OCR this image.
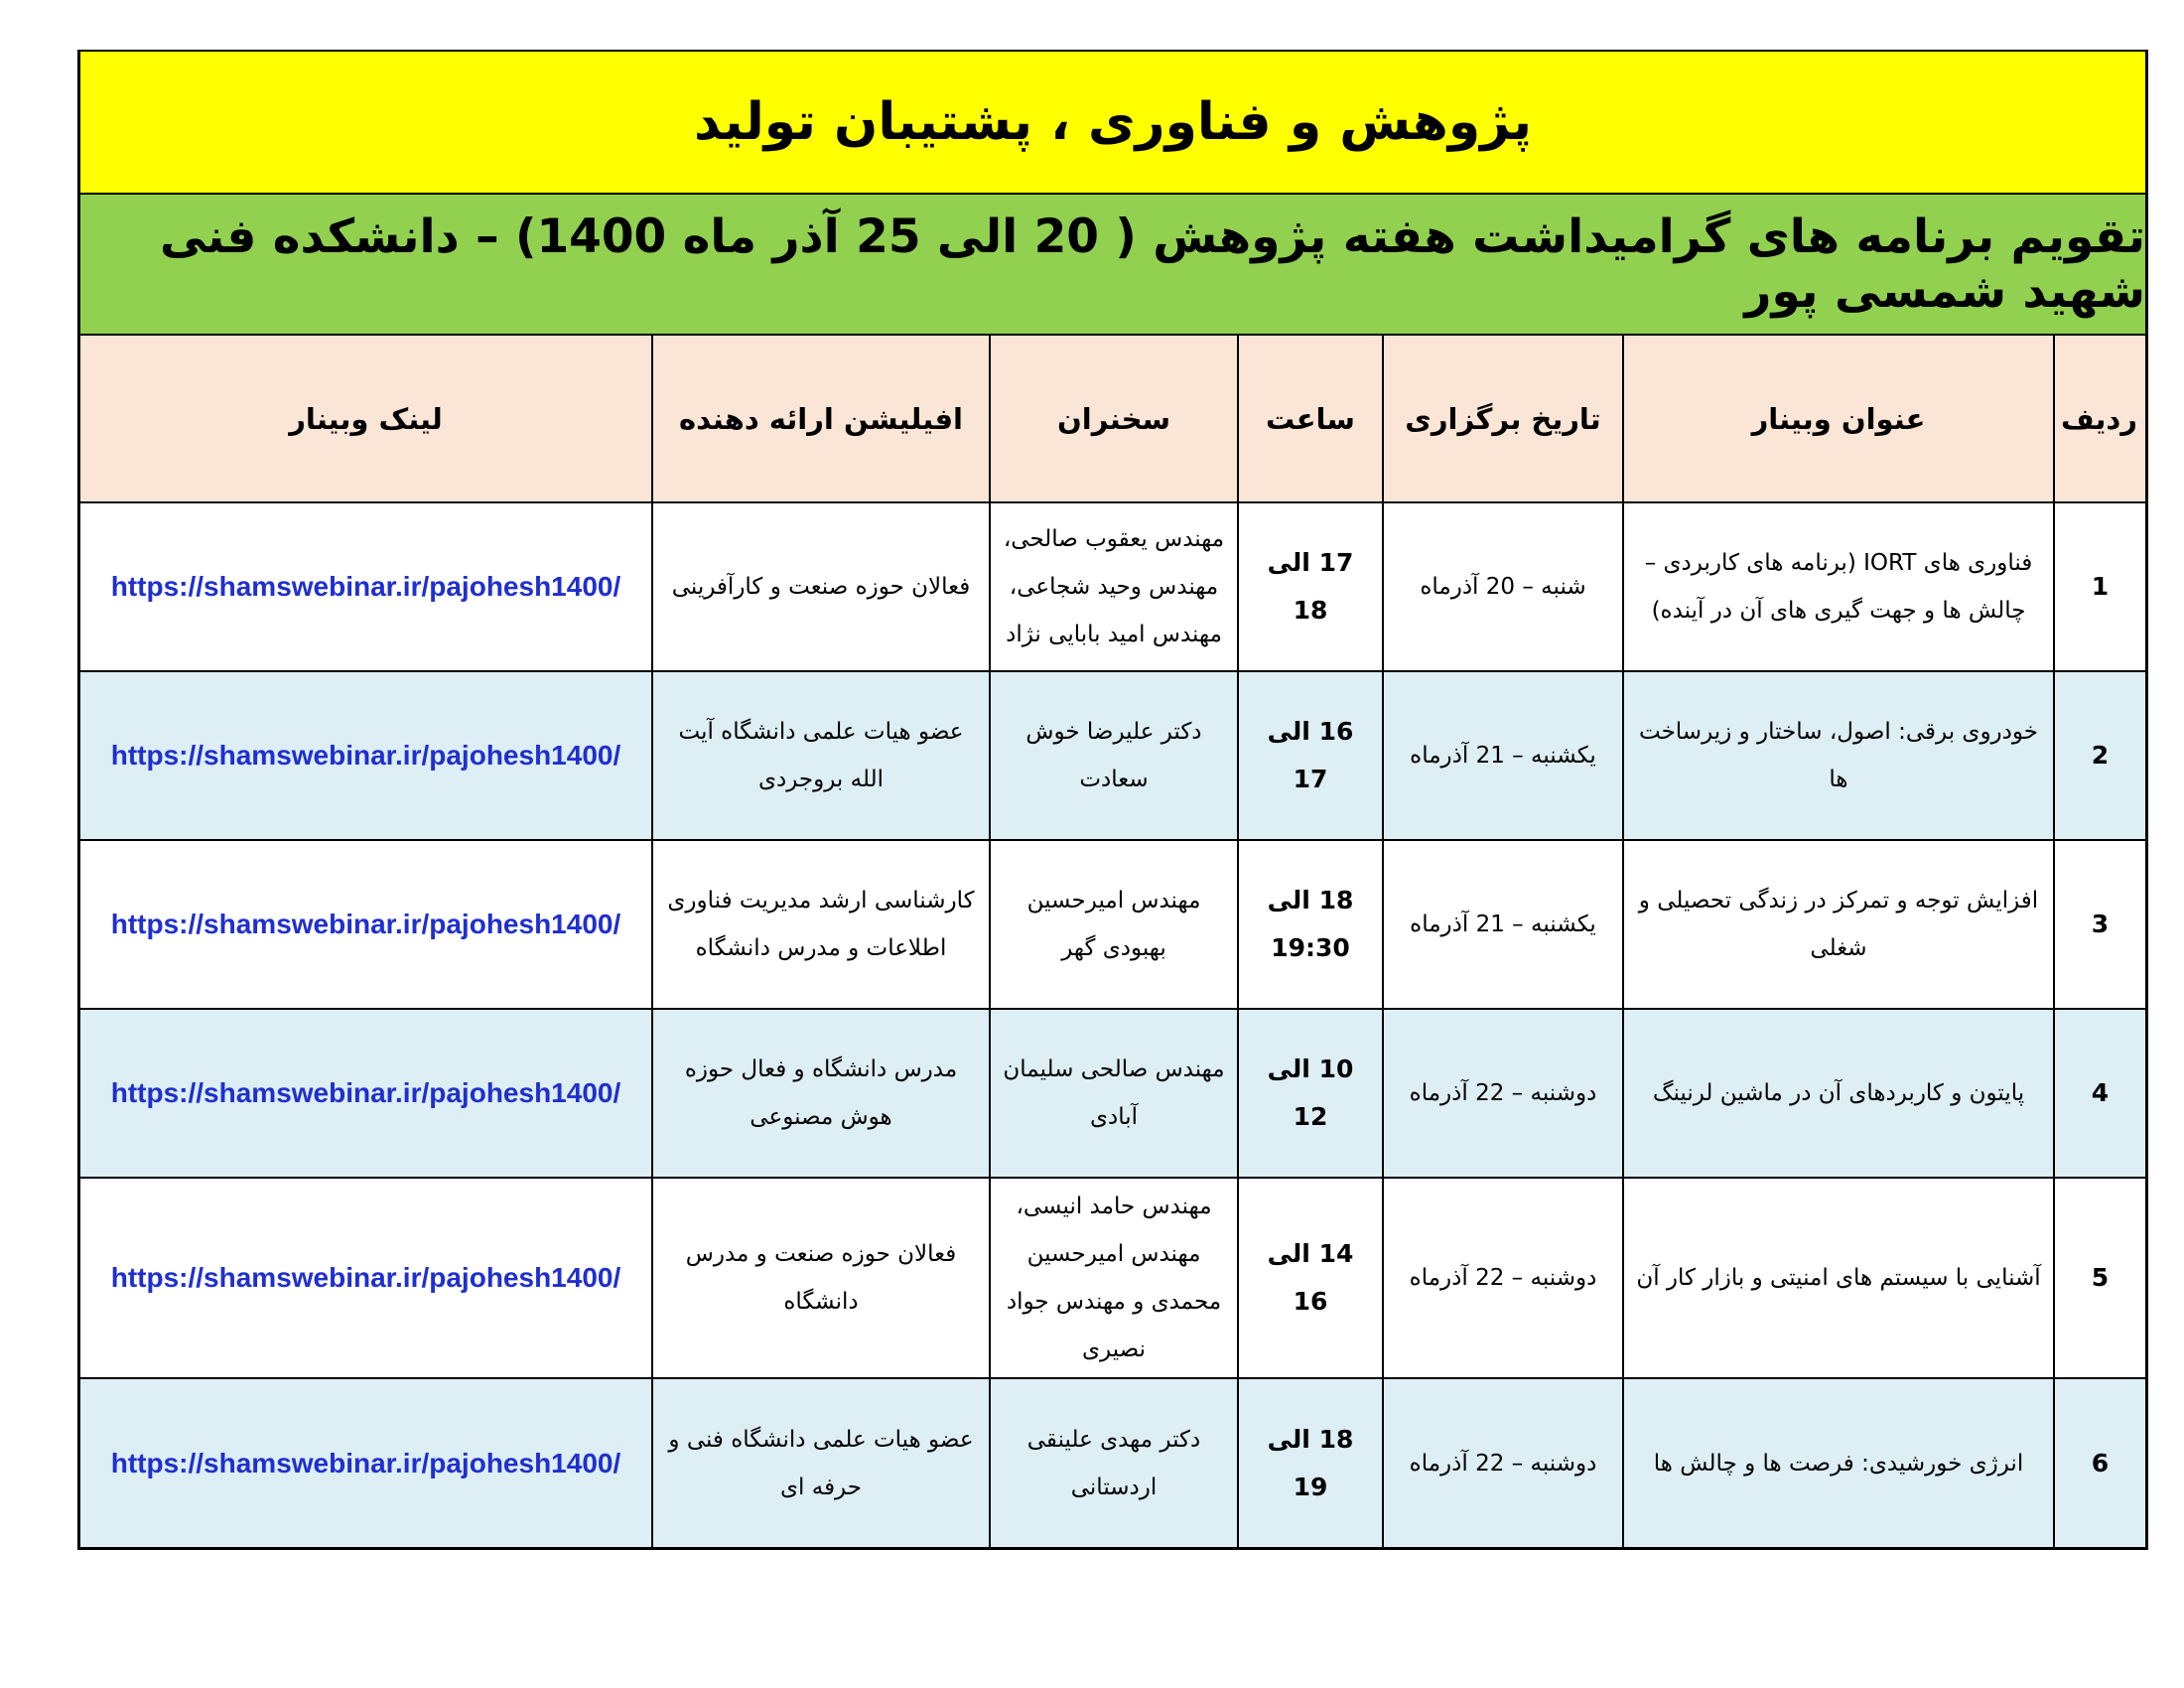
پژوهش و فناوری ، پشتیبان تولید
تقویم برنامه های گرامیداشت هفته پژوهش ( 20 الی 25 آذر ماه 1400) – دانشکده فنی شهید شمسی پور
ردیف	عنوان وبینار	تاریخ برگزاری	ساعت	سخنران	افیلیشن ارائه دهنده	لینک وبینار
1	فناوری های IORT (برنامه های کاربردی – چالش ها و جهت گیری های آن در آینده)	شنبه – 20 آذرماه	17 الی 18	مهندس یعقوب صالحی، مهندس وحید شجاعی، مهندس امید بابایی نژاد	فعالان حوزه صنعت و کارآفرینی	https://shamswebinar.ir/pajohesh1400/
2	خودروی برقی: اصول، ساختار و زیرساخت ها	یکشنبه – 21 آذرماه	16 الی 17	دکتر علیرضا خوش سعادت	عضو هیات علمی دانشگاه آیت الله بروجردی	https://shamswebinar.ir/pajohesh1400/
3	افزایش توجه و تمرکز در زندگی تحصیلی و شغلی	یکشنبه – 21 آذرماه	18 الی 19:30	مهندس امیرحسین بهبودی گهر	کارشناسی ارشد مدیریت فناوری اطلاعات و مدرس دانشگاه	https://shamswebinar.ir/pajohesh1400/
4	پایتون و کاربردهای آن در ماشین لرنینگ	دوشنبه – 22 آذرماه	10 الی 12	مهندس صالحی سلیمان آبادی	مدرس دانشگاه و فعال حوزه هوش مصنوعی	https://shamswebinar.ir/pajohesh1400/
5	آشنایی با سیستم های امنیتی و بازار کار آن	دوشنبه – 22 آذرماه	14 الی 16	مهندس حامد انیسی، مهندس امیرحسین محمدی و مهندس جواد نصیری	فعالان حوزه صنعت و مدرس دانشگاه	https://shamswebinar.ir/pajohesh1400/
6	انرژی خورشیدی: فرصت ها و چالش ها	دوشنبه – 22 آذرماه	18 الی 19	دکتر مهدی علینقی اردستانی	عضو هیات علمی دانشگاه فنی و حرفه ای	https://shamswebinar.ir/pajohesh1400/
